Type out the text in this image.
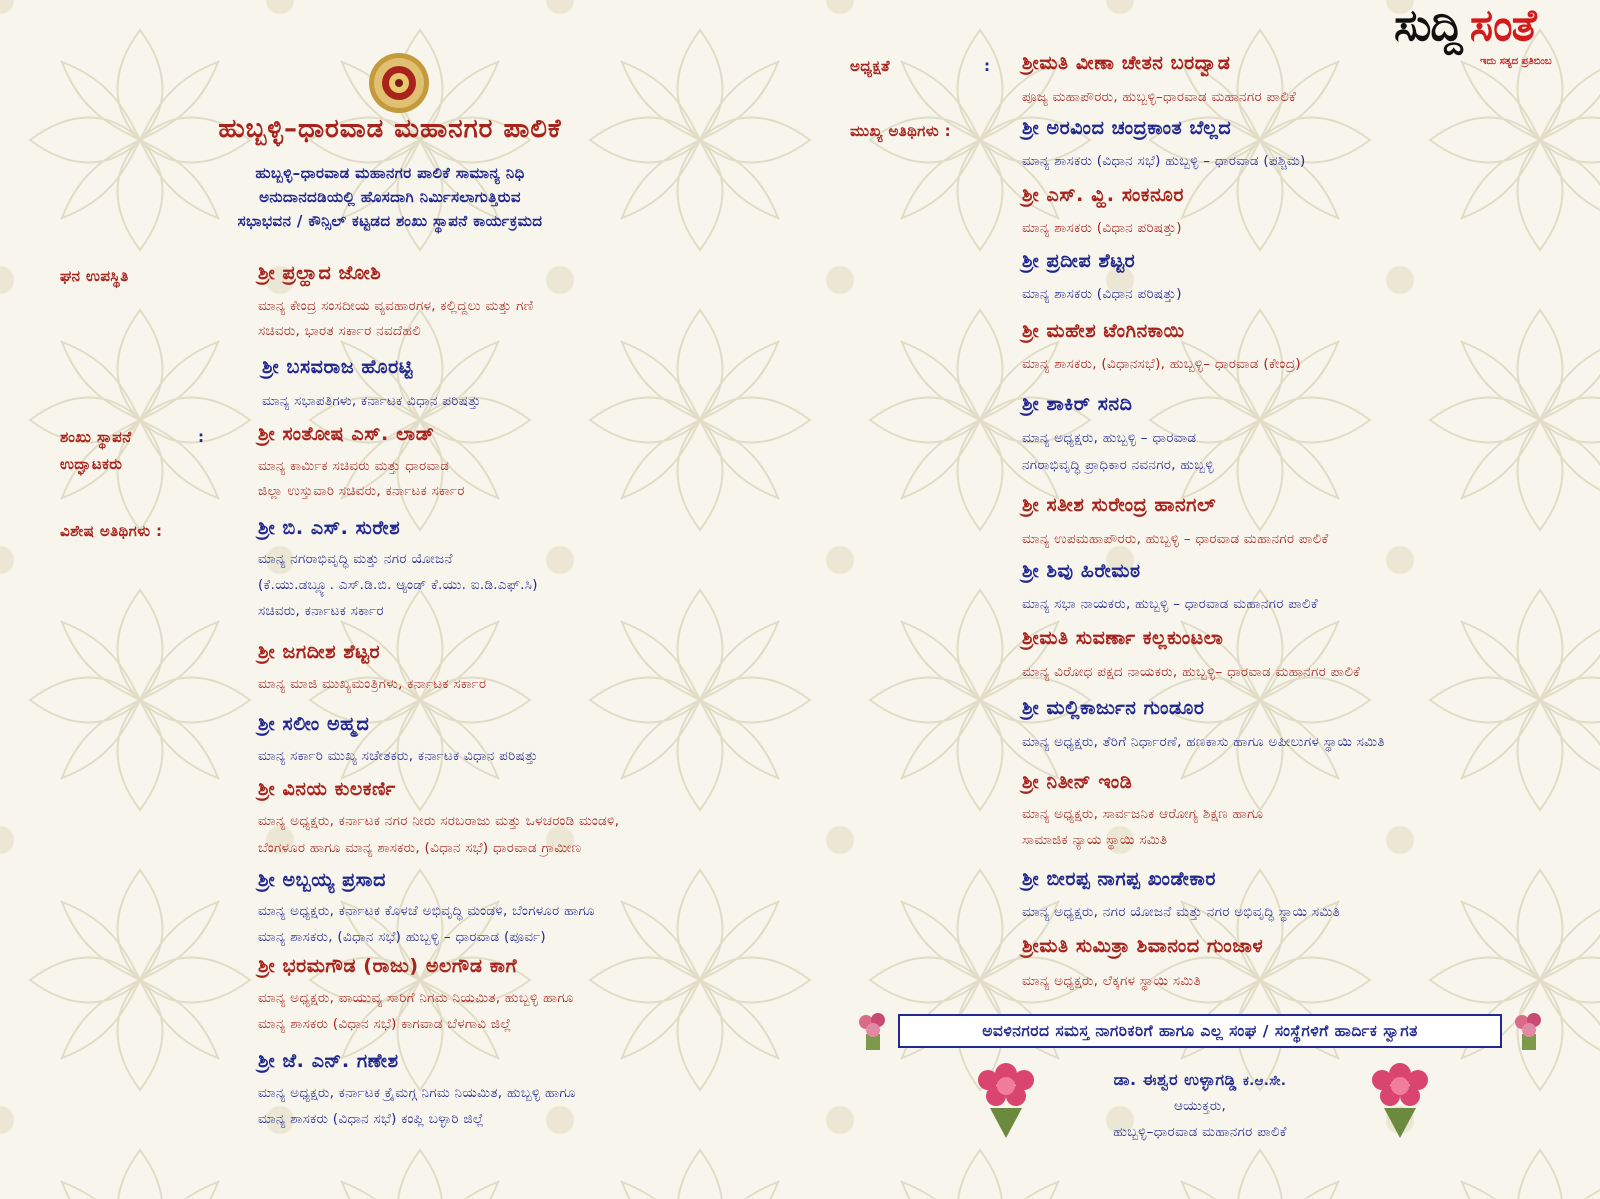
ಸುದ್ದಿ ಸಂತೆ
ಇದು ಸತ್ಯದ ಪ್ರತಿಬಿಂಬ
ಹುಬ್ಬಳ್ಳಿ–ಧಾರವಾಡ ಮಹಾನಗರ ಪಾಲಿಕೆ
ಹುಬ್ಬಳ್ಳಿ–ಧಾರವಾಡ ಮಹಾನಗರ ಪಾಲಿಕೆ ಸಾಮಾನ್ಯ ನಿಧಿ
ಅನುದಾನದಡಿಯಲ್ಲಿ ಹೊಸದಾಗಿ ನಿರ್ಮಿಸಲಾಗುತ್ತಿರುವ
ಸಭಾಭವನ / ಕೌನ್ಸಿಲ್ ಕಟ್ಟಡದ ಶಂಖು ಸ್ಥಾಪನೆ ಕಾರ್ಯಕ್ರಮದ
ಘನ ಉಪಸ್ಥಿತಿ	ಶ್ರೀ ಪ್ರಲ್ಹಾದ ಜೋಶಿ
ಮಾನ್ಯ ಕೇಂದ್ರ ಸಂಸದೀಯ ವ್ಯವಹಾರಗಳ, ಕಲ್ಲಿದ್ದಲು ಮತ್ತು ಗಣಿ
ಸಚಿವರು, ಭಾರತ ಸರ್ಕಾರ ನವದೆಹಲಿ
ಶ್ರೀ ಬಸವರಾಜ ಹೊರಟ್ಟಿ
ಮಾನ್ಯ ಸಭಾಪತಿಗಳು, ಕರ್ನಾಟಕ ವಿಧಾನ ಪರಿಷತ್ತು
ಶಂಖು ಸ್ಥಾಪನೆ
ಉದ್ಘಾಟಕರು
:	ಶ್ರೀ ಸಂತೋಷ ಎಸ್. ಲಾಡ್
ಮಾನ್ಯ ಕಾರ್ಮಿಕ ಸಚಿವರು ಮತ್ತು ಧಾರವಾಡ
ಜಿಲ್ಲಾ ಉಸ್ತುವಾರಿ ಸಚಿವರು, ಕರ್ನಾಟಕ ಸರ್ಕಾರ
ವಿಶೇಷ ಅತಿಥಿಗಳು :	ಶ್ರೀ ಬಿ. ಎಸ್. ಸುರೇಶ
ಮಾನ್ಯ ನಗರಾಭಿವೃದ್ಧಿ ಮತ್ತು ನಗರ ಯೋಜನೆ
(ಕೆ.ಯು.ಡಬ್ಲ್ಯೂ. ಎಸ್.ಡಿ.ಬಿ. ಆ್ಯಂಡ್ ಕೆ.ಯು. ಐ.ಡಿ.ಎಫ್.ಸಿ)
ಸಚಿವರು, ಕರ್ನಾಟಕ ಸರ್ಕಾರ
ಶ್ರೀ ಜಗದೀಶ ಶೆಟ್ಟರ
ಮಾನ್ಯ ಮಾಜಿ ಮುಖ್ಯಮಂತ್ರಿಗಳು, ಕರ್ನಾಟಕ ಸರ್ಕಾರ
ಶ್ರೀ ಸಲೀಂ ಅಹ್ಮದ
ಮಾನ್ಯ ಸರ್ಕಾರಿ ಮುಖ್ಯ ಸಚೇತಕರು, ಕರ್ನಾಟಕ ವಿಧಾನ ಪರಿಷತ್ತು
ಶ್ರೀ ವಿನಯ ಕುಲಕರ್ಣಿ
ಮಾನ್ಯ ಅಧ್ಯಕ್ಷರು, ಕರ್ನಾಟಕ ನಗರ ನೀರು ಸರಬರಾಜು ಮತ್ತು ಒಳಚರಂಡಿ ಮಂಡಳಿ,
ಬೆಂಗಳೂರ ಹಾಗೂ ಮಾನ್ಯ ಶಾಸಕರು, (ವಿಧಾನ ಸಭೆ) ಧಾರವಾಡ ಗ್ರಾಮೀಣ
ಶ್ರೀ ಅಬ್ಬಯ್ಯ ಪ್ರಸಾದ
ಮಾನ್ಯ ಅಧ್ಯಕ್ಷರು, ಕರ್ನಾಟಕ ಕೊಳಚೆ ಅಭಿವೃದ್ಧಿ ಮಂಡಳಿ, ಬೆಂಗಳೂರ ಹಾಗೂ
ಮಾನ್ಯ ಶಾಸಕರು, (ವಿಧಾನ ಸಭೆ) ಹುಬ್ಬಳ್ಳಿ – ಧಾರವಾಡ (ಪೂರ್ವ)
ಶ್ರೀ ಭರಮಗೌಡ (ರಾಜು) ಅಲಗೌಡ ಕಾಗೆ
ಮಾನ್ಯ ಅಧ್ಯಕ್ಷರು, ವಾಯುವ್ಯ ಸಾರಿಗೆ ನಿಗಮ ನಿಯಮಿತ, ಹುಬ್ಬಳ್ಳಿ ಹಾಗೂ
ಮಾನ್ಯ ಶಾಸಕರು (ವಿಧಾನ ಸಭೆ) ಕಾಗವಾಡ ಬೆಳಗಾವಿ ಜಿಲ್ಲೆ
ಶ್ರೀ ಜೆ. ಎನ್. ಗಣೇಶ
ಮಾನ್ಯ ಅಧ್ಯಕ್ಷರು, ಕರ್ನಾಟಕ ಕ್ರೈಮಗ್ಗ ನಿಗಮ ನಿಯಮಿತ, ಹುಬ್ಬಳ್ಳಿ ಹಾಗೂ
ಮಾನ್ಯ ಶಾಸಕರು (ವಿಧಾನ ಸಭೆ) ಕಂಪ್ಲಿ ಬಳ್ಳಾರಿ ಜಿಲ್ಲೆ
ಅಧ್ಯಕ್ಷತೆ	: ಶ್ರೀಮತಿ ವೀಣಾ ಚೇತನ ಬರದ್ವಾಡ
ಪೂಜ್ಯ ಮಹಾಪೌರರು, ಹುಬ್ಬಳ್ಳಿ–ಧಾರವಾಡ ಮಹಾನಗರ ಪಾಲಿಕೆ
ಮುಖ್ಯ ಅತಿಥಿಗಳು :	ಶ್ರೀ ಅರವಿಂದ ಚಂದ್ರಕಾಂತ ಬೆಲ್ಲದ
ಮಾನ್ಯ ಶಾಸಕರು (ವಿಧಾನ ಸಭೆ) ಹುಬ್ಬಳ್ಳಿ – ಧಾರವಾಡ (ಪಶ್ಚಿಮ)
ಶ್ರೀ ಎಸ್. ವ್ಹಿ. ಸಂಕನೂರ
ಮಾನ್ಯ ಶಾಸಕರು (ವಿಧಾನ ಪರಿಷತ್ತು)
ಶ್ರೀ ಪ್ರದೀಪ ಶೆಟ್ಟರ
ಮಾನ್ಯ ಶಾಸಕರು (ವಿಧಾನ ಪರಿಷತ್ತು)
ಶ್ರೀ ಮಹೇಶ ಟೆಂಗಿನಕಾಯಿ
ಮಾನ್ಯ ಶಾಸಕರು, (ವಿಧಾನಸಭೆ), ಹುಬ್ಬಳ್ಳಿ– ಧಾರವಾಡ (ಕೇಂದ್ರ)
ಶ್ರೀ ಶಾಕಿರ್ ಸನದಿ
ಮಾನ್ಯ ಅಧ್ಯಕ್ಷರು, ಹುಬ್ಬಳ್ಳಿ – ಧಾರವಾಡ
ನಗರಾಭಿವೃದ್ಧಿ ಪ್ರಾಧಿಕಾರ ನವನಗರ, ಹುಬ್ಬಳ್ಳಿ
ಶ್ರೀ ಸತೀಶ ಸುರೇಂದ್ರ ಹಾನಗಲ್
ಮಾನ್ಯ ಉಪಮಹಾಪೌರರು, ಹುಬ್ಬಳ್ಳಿ – ಧಾರವಾಡ ಮಹಾನಗರ ಪಾಲಿಕೆ
ಶ್ರೀ ಶಿವು ಹಿರೇಮಠ
ಮಾನ್ಯ ಸಭಾ ನಾಯಕರು, ಹುಬ್ಬಳ್ಳಿ – ಧಾರವಾಡ ಮಹಾನಗರ ಪಾಲಿಕೆ
ಶ್ರೀಮತಿ ಸುವರ್ಣಾ ಕಲ್ಲಕುಂಟಲಾ
ಮಾನ್ಯ ವಿರೋಧ ಪಕ್ಷದ ನಾಯಕರು, ಹುಬ್ಬಳ್ಳಿ– ಧಾರವಾಡ ಮಹಾನಗರ ಪಾಲಿಕೆ
ಶ್ರೀ ಮಲ್ಲಿಕಾರ್ಜುನ ಗುಂಡೂರ
ಮಾನ್ಯ ಅಧ್ಯಕ್ಷರು, ತೆರಿಗೆ ನಿರ್ಧಾರಣೆ, ಹಣಕಾಸು ಹಾಗೂ ಅಪೀಲುಗಳ ಸ್ಥಾಯಿ ಸಮಿತಿ
ಶ್ರೀ ನಿತೀನ್ ಇಂಡಿ
ಮಾನ್ಯ ಅಧ್ಯಕ್ಷರು, ಸಾರ್ವಜನಿಕ ಆರೋಗ್ಯ ಶಿಕ್ಷಣ ಹಾಗೂ
ಸಾಮಾಜಿಕ ನ್ಯಾಯ ಸ್ಥಾಯಿ ಸಮಿತಿ
ಶ್ರೀ ಬೀರಪ್ಪ ನಾಗಪ್ಪ ಖಂಡೇಕಾರ
ಮಾನ್ಯ ಅಧ್ಯಕ್ಷರು, ನಗರ ಯೋಜನೆ ಮತ್ತು ನಗರ ಅಭಿವೃದ್ಧಿ ಸ್ಥಾಯಿ ಸಮಿತಿ
ಶ್ರೀಮತಿ ಸುಮಿತ್ರಾ ಶಿವಾನಂದ ಗುಂಜಾಳ
ಮಾನ್ಯ ಅಧ್ಯಕ್ಷರು, ಲೆಕ್ಕಗಳ ಸ್ಥಾಯಿ ಸಮಿತಿ
ಅವಳಿನಗರದ ಸಮಸ್ತ ನಾಗರಿಕರಿಗೆ ಹಾಗೂ ಎಲ್ಲ ಸಂಘ / ಸಂಸ್ಥೆಗಳಿಗೆ ಹಾರ್ದಿಕ ಸ್ವಾಗತ
ಡಾ. ಈಶ್ವರ ಉಳ್ಳಾಗಡ್ಡಿ ಕ.ಆ.ಸೇ.
ಆಯುಕ್ತರು,
ಹುಬ್ಬಳ್ಳಿ–ಧಾರವಾಡ ಮಹಾನಗರ ಪಾಲಿಕೆ
